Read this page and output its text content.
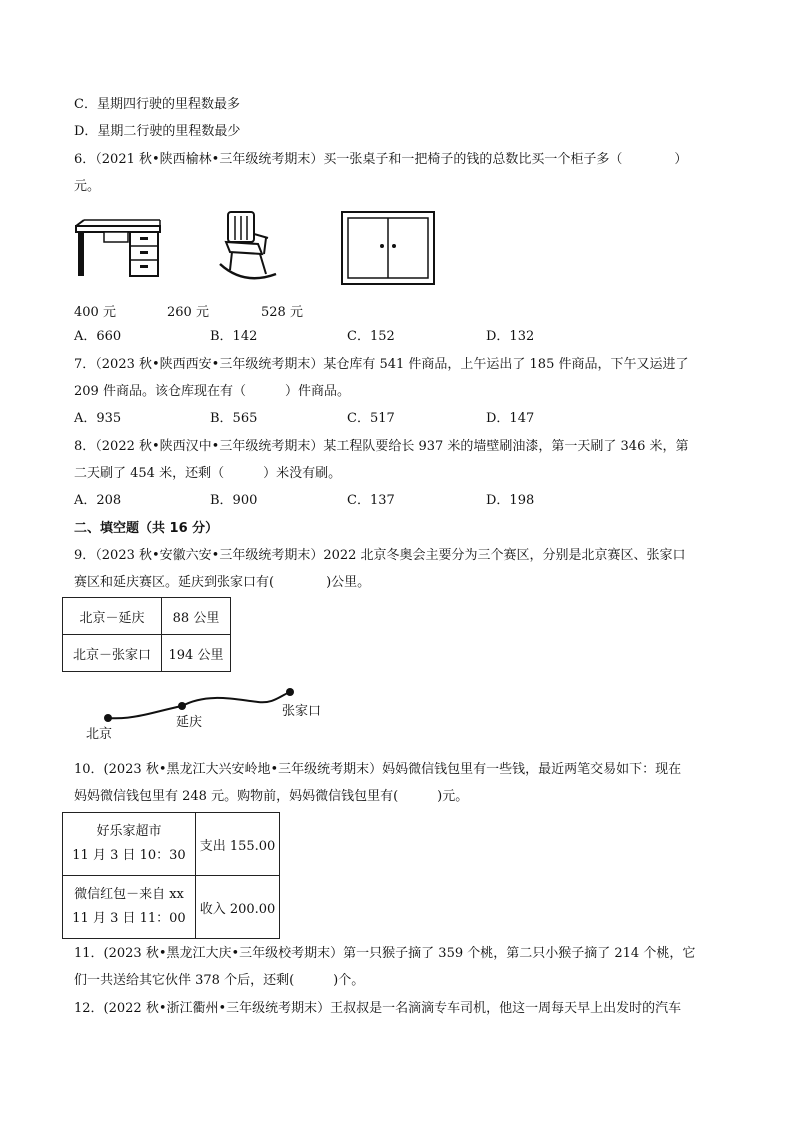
C．星期四行驶的里程数最多
D．星期二行驶的里程数最少
6．（2021 秋•陕西榆林•三年级统考期末）买一张桌子和一把椅子的钱的总数比买一个柜子多（　　　　）
元。
400 元	260 元	528 元
A．660	B．142	C．152	D．132
7．（2023 秋•陕西西安•三年级统考期末）某仓库有 541 件商品，上午运出了 185 件商品，下午又运进了
209 件商品。该仓库现在有（　　　）件商品。
A．935	B．565	C．517	D．147
8．（2022 秋•陕西汉中•三年级统考期末）某工程队要给长 937 米的墙壁刷油漆，第一天刷了 346 米，第
二天刷了 454 米，还剩（　　　）米没有刷。
A．208	B．900	C．137	D．198
二、填空题（共 16 分）
9．（2023 秋•安徽六安•三年级统考期末）2022 北京冬奥会主要分为三个赛区，分别是北京赛区、张家口
赛区和延庆赛区。延庆到张家口有(　　　　)公里。
北京－延庆	88 公里
北京－张家口	194 公里
北京
延庆
张家口
10．(2023 秋•黑龙江大兴安岭地•三年级统考期末）妈妈微信钱包里有一些钱，最近两笔交易如下：现在
妈妈微信钱包里有 248 元。购物前，妈妈微信钱包里有(　　　)元。
好乐家超市
11 月 3 日 10：30	支出 155.00

微信红包－来自 xx
11 月 3 日 11：00	收入 200.00
11．(2023 秋•黑龙江大庆•三年级校考期末）第一只猴子摘了 359 个桃，第二只小猴子摘了 214 个桃，它
们一共送给其它伙伴 378 个后，还剩(　　　)个。
12．(2022 秋•浙江衢州•三年级统考期末）王叔叔是一名滴滴专车司机，他这一周每天早上出发时的汽车
